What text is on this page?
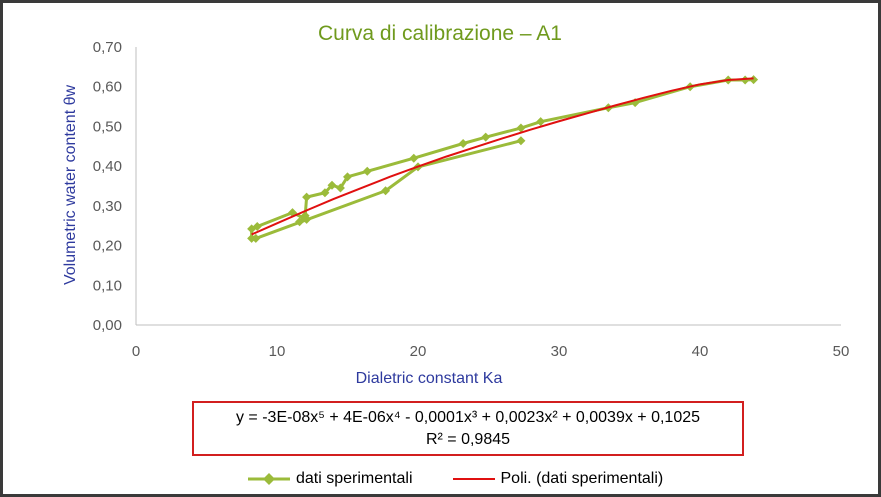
Curva di calibrazione – A1
0,00
0,10
0,20
0,30
0,40
0,50
0,60
0,70
0	10	20	30	40	50
Volumetric water content θw
Dialetric constant Ka
y = -3E-08x⁵ + 4E-06x⁴ - 0,0001x³ + 0,0023x² + 0,0039x + 0,1025
R² = 0,9845
dati sperimentali	Poli. (dati sperimentali)
